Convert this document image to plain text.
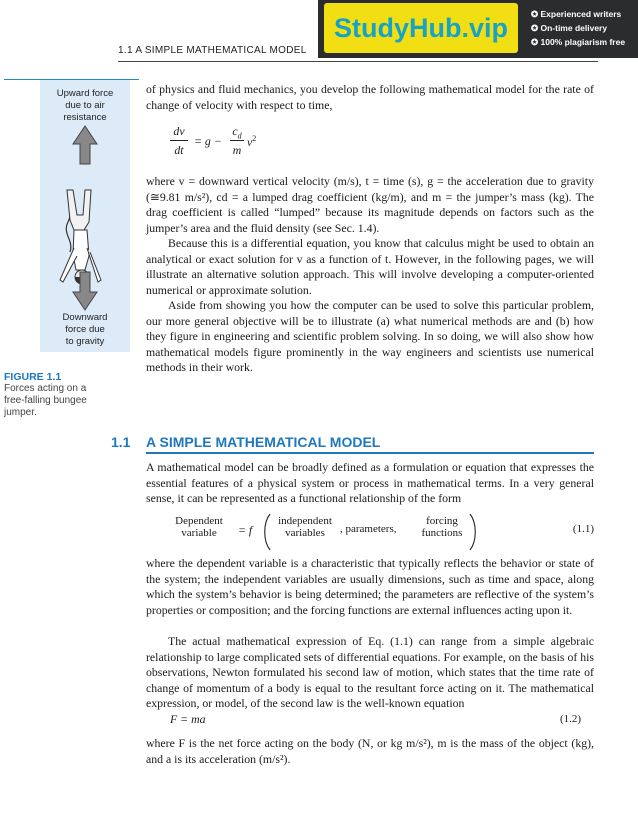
1.1 A SIMPLE MATHEMATICAL MODEL
StudyHub.vip	✪ Experienced writers
✪ On-time delivery
✪ 100% plagiarism free
Upward force
due to air
resistance
Downward
force due
to gravity
FIGURE 1.1
Forces acting on a
free-falling bungee
jumper.

of physics and fluid mechanics, you develop the following mathematical model for the rate of change of velocity with respect to time,

dv
dt
= g −
$c_d$
m
$v^2$

where v = downward vertical velocity (m/s), t = time (s), g = the acceleration due to gravity (≅9.81 m/s²), cd = a lumped drag coefficient (kg/m), and m = the jumper’s mass (kg). The drag coefficient is called “lumped” because its magnitude depends on factors such as the jumper’s area and the fluid density (see Sec. 1.4).

Because this is a differential equation, you know that calculus might be used to obtain an analytical or exact solution for v as a function of t. However, in the following pages, we will illustrate an alternative solution approach. This will involve developing a computer-oriented numerical or approximate solution.

Aside from showing you how the computer can be used to solve this particular problem, our more general objective will be to illustrate (a) what numerical methods are and (b) how they figure in engineering and scientific problem solving. In so doing, we will also show how mathematical models figure prominently in the way engineers and scientists use numerical methods in their work.

1.1 A SIMPLE MATHEMATICAL MODEL

A mathematical model can be broadly defined as a formulation or equation that expresses the essential features of a physical system or process in mathematical terms. In a very general sense, it can be represented as a functional relationship of the form

Dependent
variable	= f
independent
variables	, parameters,
forcing
functions	(1.1)

where the dependent variable is a characteristic that typically reflects the behavior or state of the system; the independent variables are usually dimensions, such as time and space, along which the system’s behavior is being determined; the parameters are reflective of the system’s properties or composition; and the forcing functions are external influences acting upon it.

The actual mathematical expression of Eq. (1.1) can range from a simple algebraic relationship to large complicated sets of differential equations. For example, on the basis of his observations, Newton formulated his second law of motion, which states that the time rate of change of momentum of a body is equal to the resultant force acting on it. The mathematical expression, or model, of the second law is the well-known equation

F = ma	(1.2)

where F is the net force acting on the body (N, or kg m/s²), m is the mass of the object (kg), and a is its acceleration (m/s²).
